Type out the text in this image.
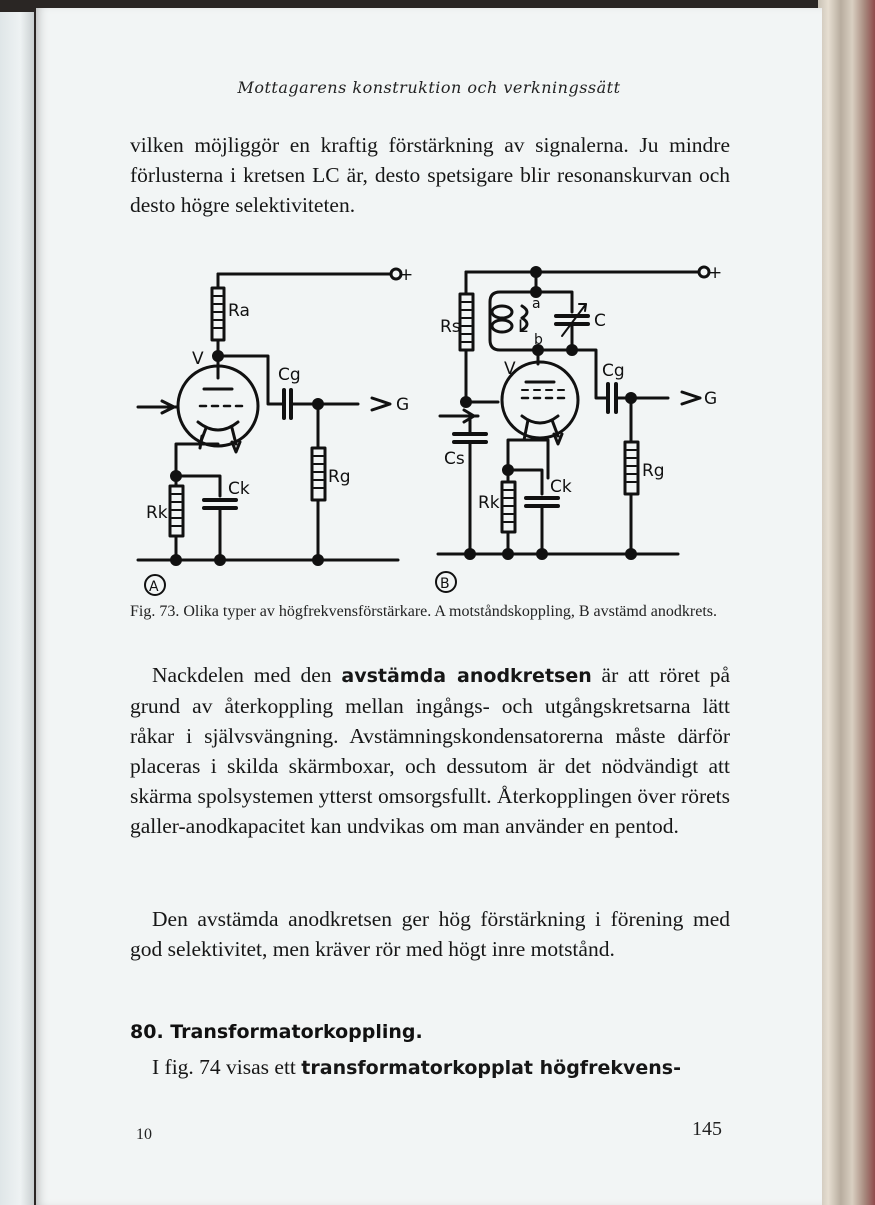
Mottagarens konstruktion och verkningssätt

vilken möjliggör en kraftig förstärkning av signalerna. Ju mindre förlusterna i kretsen LC är, desto spetsigare blir resonanskurvan och desto högre selektiviteten.

+
Ra
V
Cg
G
Rg
Ck
Rk
A
+
Rs
a
L
b
C
V	Cg
G
Cs
Rg
Ck
Rk
B
Fig. 73. Olika typer av högfrekvensförstärkare. A motståndskoppling, B avstämd anodkrets.

Nackdelen med den avstämda anodkretsen är att röret på grund av återkoppling mellan ingångs- och utgångskretsarna lätt råkar i självsvängning. Avstämningskondensatorerna måste därför placeras i skilda skärmboxar, och dessutom är det nödvändigt att skärma spolsystemen ytterst omsorgsfullt. Återkopplingen över rörets galler-anodkapacitet kan undvikas om man använder en pentod.

Den avstämda anodkretsen ger hög förstärkning i förening med god selektivitet, men kräver rör med högt inre motstånd.

80. Transformatorkoppling.

I fig. 74 visas ett transformatorkopplat högfrekvens-

10	145
